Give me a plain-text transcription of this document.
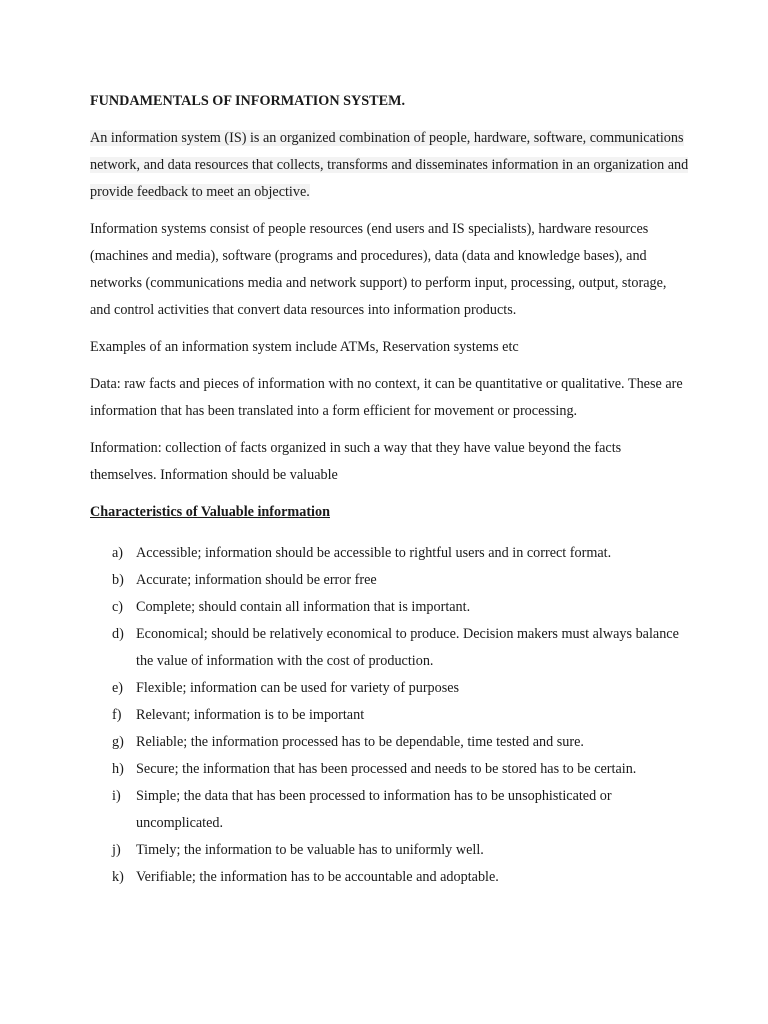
FUNDAMENTALS OF INFORMATION SYSTEM.
An information system (IS) is an organized combination of people, hardware, software, communications network, and data resources that collects, transforms and disseminates information in an organization and provide feedback to meet an objective.
Information systems consist of people resources (end users and IS specialists), hardware resources (machines and media), software (programs and procedures), data (data and knowledge bases), and networks (communications media and network support) to perform input, processing, output, storage, and control activities that convert data resources into information products.
Examples of an information system include ATMs, Reservation systems etc
Data: raw facts and pieces of information with no context, it can be quantitative or qualitative. These are information that has been translated into a form efficient for movement or processing.
Information: collection of facts organized in such a way that they have value beyond the facts themselves. Information should be valuable
Characteristics of Valuable information
a) Accessible; information should be accessible to rightful users and in correct format.
b) Accurate; information should be error free
c) Complete; should contain all information that is important.
d) Economical; should be relatively economical to produce. Decision makers must always balance the value of information with the cost of production.
e) Flexible; information can be used for variety of purposes
f)	Relevant; information is to be important
g) Reliable; the information processed has to be dependable, time tested and sure.
h) Secure; the information that has been processed and needs to be stored has to be certain.
i)	Simple; the data that has been processed to information has to be unsophisticated or uncomplicated.
j)	Timely; the information to be valuable has to uniformly well.
k) Verifiable; the information has to be accountable and adoptable.
